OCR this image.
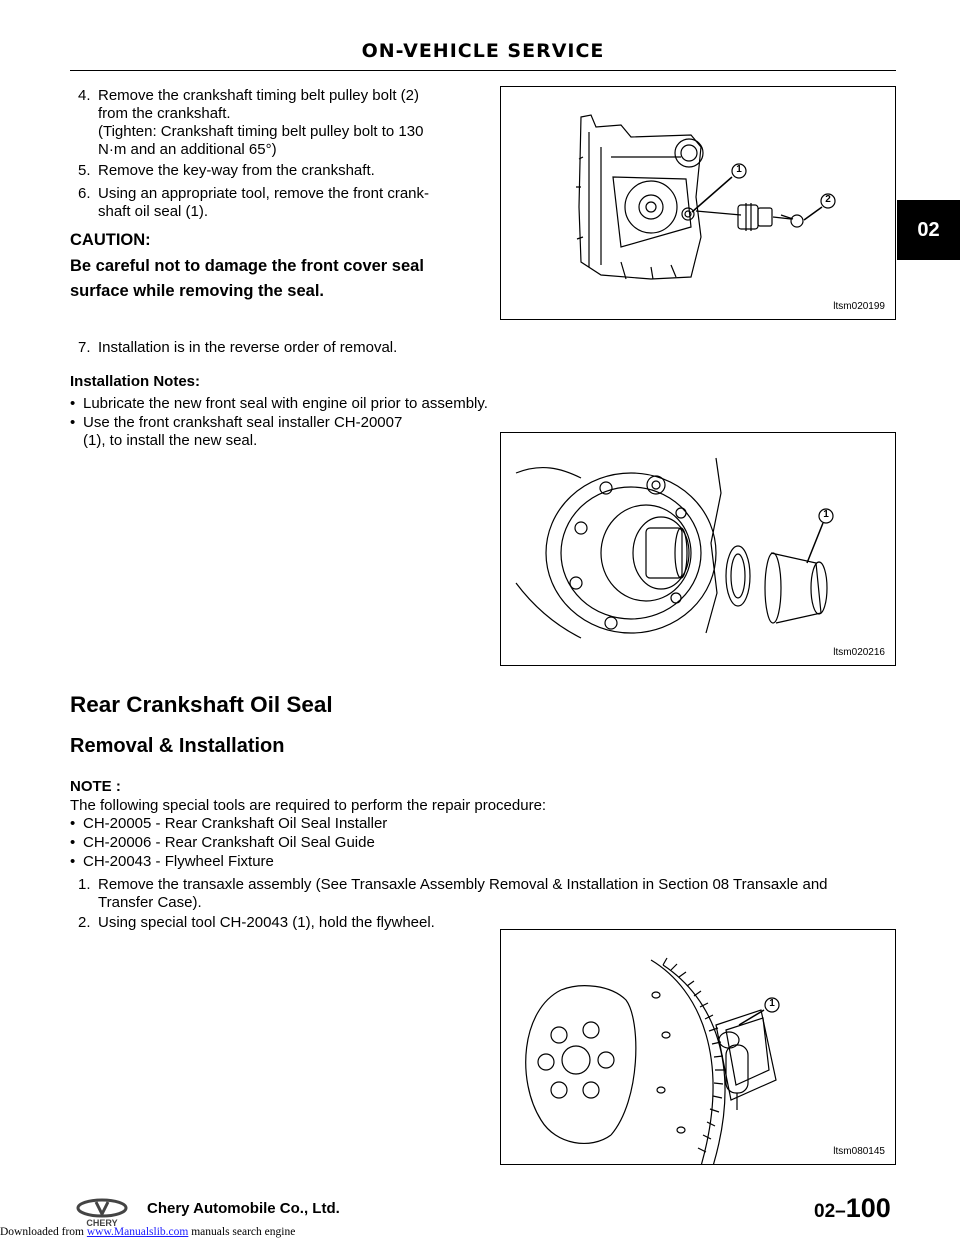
ON-VEHICLE SERVICE
02
4. Remove the crankshaft timing belt pulley bolt (2)
from the crankshaft.
(Tighten: Crankshaft timing belt pulley bolt to 130
N·m and an additional 65°)
5. Remove the key-way from the crankshaft.
6. Using an appropriate tool, remove the front crank-
shaft oil seal (1).
CAUTION:
Be careful not to damage the front cover seal
surface while removing the seal.
7. Installation is in the reverse order of removal.
Installation Notes:
• Lubricate the new front seal with engine oil prior to assembly.
• Use the front crankshaft seal installer CH-20007
(1), to install the new seal.
1
2
ltsm020199
1
ltsm020216
Rear Crankshaft Oil Seal
Removal & Installation
NOTE :
The following special tools are required to perform the repair procedure:
• CH-20005 - Rear Crankshaft Oil Seal Installer
• CH-20006 - Rear Crankshaft Oil Seal Guide
• CH-20043 - Flywheel Fixture
1. Remove the transaxle assembly (See Transaxle Assembly Removal & Installation in Section 08 Transaxle and
Transfer Case).
2. Using special tool CH-20043 (1), hold the flywheel.
1
ltsm080145
CHERY
Chery Automobile Co., Ltd.	02–100
Downloaded from www.Manualslib.com manuals search engine
